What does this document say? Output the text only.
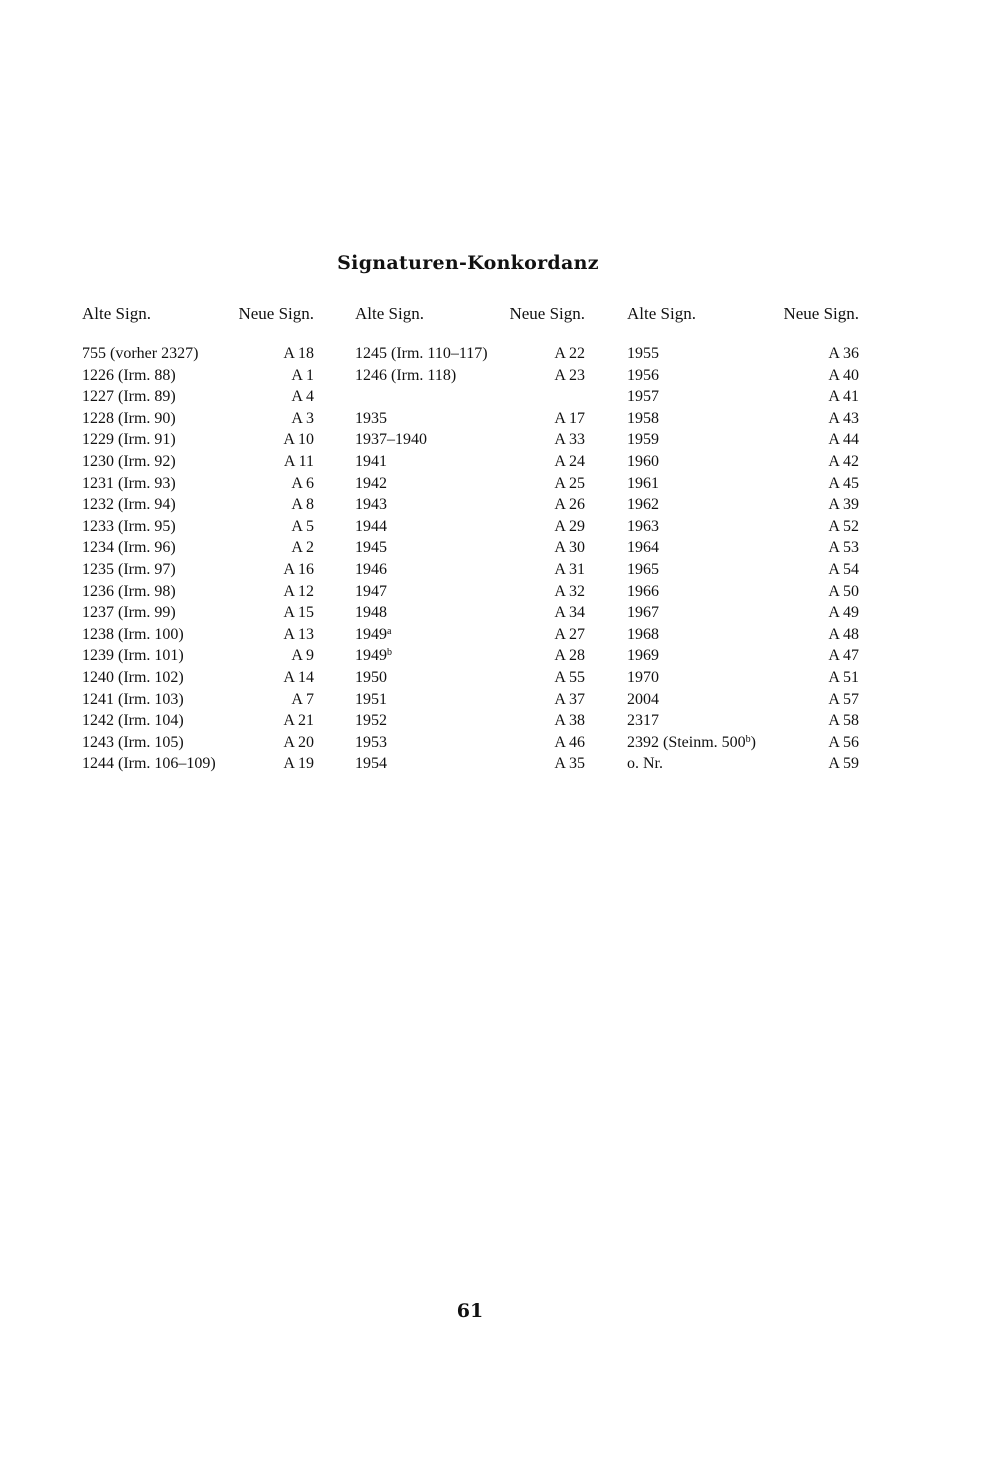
Signaturen-Konkordanz
Alte Sign.	Neue Sign.
755 (vorher 2327)	A 18
1226 (Irm. 88)	A 1
1227 (Irm. 89)	A 4
1228 (Irm. 90)	A 3
1229 (Irm. 91)	A 10
1230 (Irm. 92)	A 11
1231 (Irm. 93)	A 6
1232 (Irm. 94)	A 8
1233 (Irm. 95)	A 5
1234 (Irm. 96)	A 2
1235 (Irm. 97)	A 16
1236 (Irm. 98)	A 12
1237 (Irm. 99)	A 15
1238 (Irm. 100)	A 13
1239 (Irm. 101)	A 9
1240 (Irm. 102)	A 14
1241 (Irm. 103)	A 7
1242 (Irm. 104)	A 21
1243 (Irm. 105)	A 20
1244 (Irm. 106–109)	A 19
Alte Sign.	Neue Sign.
1245 (Irm. 110–117)	A 22
1246 (Irm. 118)	A 23
1935	A 17
1937–1940	A 33
1941	A 24
1942	A 25
1943	A 26
1944	A 29
1945	A 30
1946	A 31
1947	A 32
1948	A 34
1949$^a$	A 27
1949$^b$	A 28
1950	A 55
1951	A 37
1952	A 38
1953	A 46
1954	A 35
Alte Sign.	Neue Sign.
1955	A 36
1956	A 40
1957	A 41
1958	A 43
1959	A 44
1960	A 42
1961	A 45
1962	A 39
1963	A 52
1964	A 53
1965	A 54
1966	A 50
1967	A 49
1968	A 48
1969	A 47
1970	A 51
2004	A 57
2317	A 58
2392 (Steinm. 500$^b$)	A 56
o. Nr.	A 59
61
